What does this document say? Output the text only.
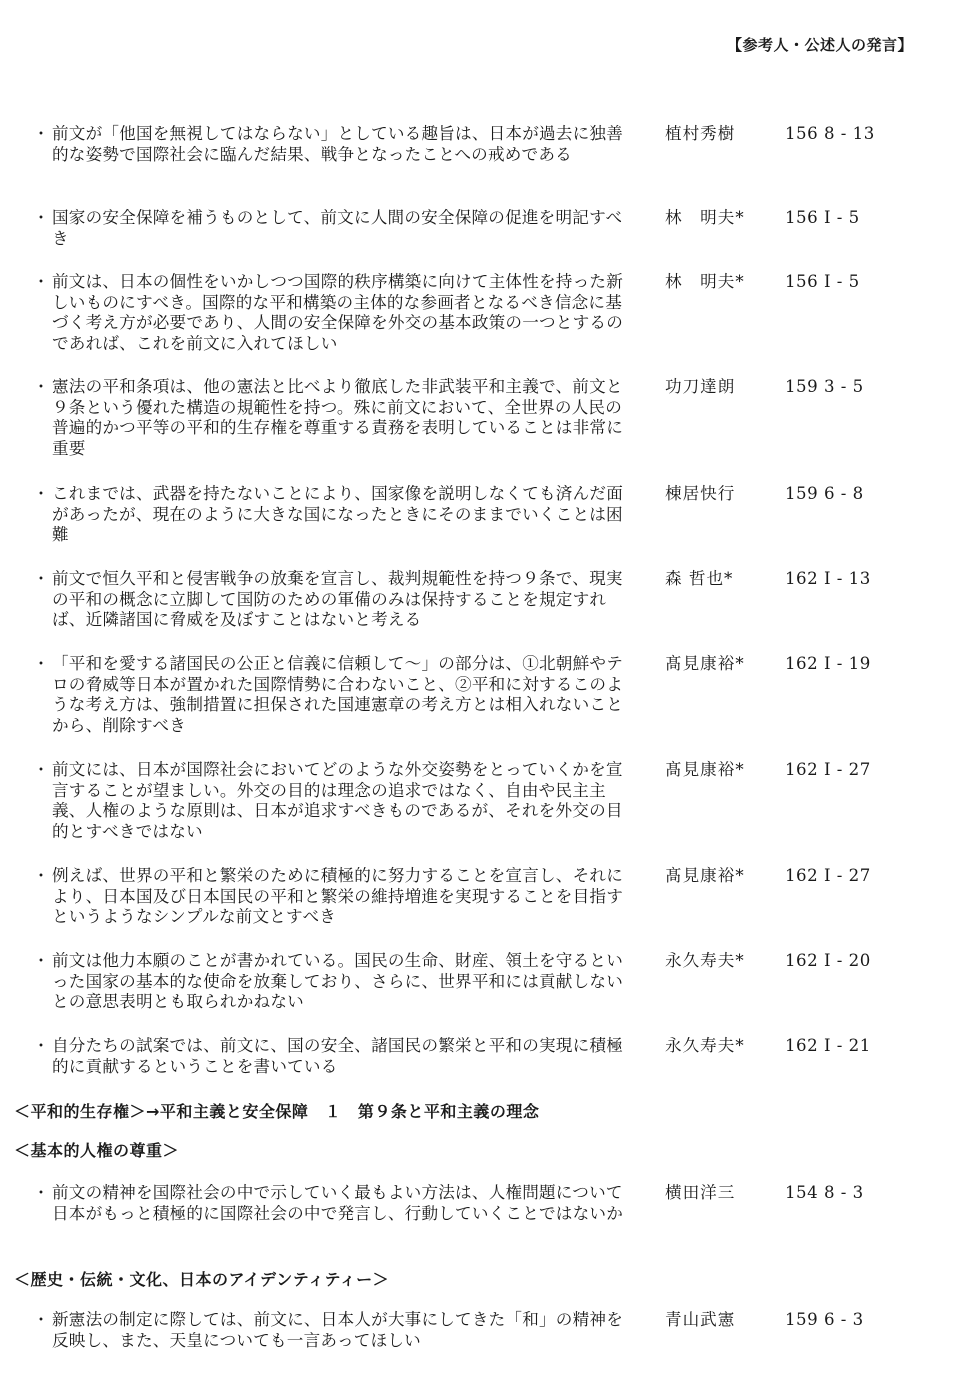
【参考人・公述人の発言】
・ 前文が「他国を無視してはならない」としている趣旨は、日本が過去に独善的な姿勢で国際社会に臨んだ結果、戦争となったことへの戒めである
植村秀樹	156 8 - 13
・ 国家の安全保障を補うものとして、前文に人間の安全保障の促進を明記すべき
林　明夫* 156 I - 5
・ 前文は、日本の個性をいかしつつ国際的秩序構築に向けて主体性を持った新しいものにすべき。国際的な平和構築の主体的な参画者となるべき信念に基づく考え方が必要であり、人間の安全保障を外交の基本政策の一つとするのであれば、これを前文に入れてほしい
林　明夫* 156 I - 5
・ 憲法の平和条項は、他の憲法と比べより徹底した非武装平和主義で、前文と９条という優れた構造の規範性を持つ。殊に前文において、全世界の人民の普遍的かつ平等の平和的生存権を尊重する責務を表明していることは非常に重要
功刀達朗	159 3 - 5
・ これまでは、武器を持たないことにより、国家像を説明しなくても済んだ面があったが、現在のように大きな国になったときにそのままでいくことは困難
棟居快行	159 6 - 8
・ 前文で恒久平和と侵害戦争の放棄を宣言し、裁判規範性を持つ９条で、現実の平和の概念に立脚して国防のための軍備のみは保持することを規定すれば、近隣諸国に脅威を及ぼすことはないと考える
森 哲也*	162 I - 13
・ 「平和を愛する諸国民の公正と信義に信頼して～」の部分は、①北朝鮮やテロの脅威等日本が置かれた国際情勢に合わないこと、②平和に対するこのような考え方は、強制措置に担保された国連憲章の考え方とは相入れないことから、削除すべき
髙見康裕* 162 I - 19
・ 前文には、日本が国際社会においてどのような外交姿勢をとっていくかを宣言することが望ましい。外交の目的は理念の追求ではなく、自由や民主主義、人権のような原則は、日本が追求すべきものであるが、それを外交の目的とすべきではない
髙見康裕* 162 I - 27
・ 例えば、世界の平和と繁栄のために積極的に努力することを宣言し、それにより、日本国及び日本国民の平和と繁栄の維持増進を実現することを目指すというようなシンプルな前文とすべき
髙見康裕* 162 I - 27
・ 前文は他力本願のことが書かれている。国民の生命、財産、領土を守るといった国家の基本的な使命を放棄しており、さらに、世界平和には貢献しないとの意思表明とも取られかねない
永久寿夫* 162 I - 20
・ 自分たちの試案では、前文に、国の安全、諸国民の繁栄と平和の実現に積極的に貢献するということを書いている
永久寿夫* 162 I - 21
＜平和的生存権＞→平和主義と安全保障　１　第９条と平和主義の理念
＜基本的人権の尊重＞
・ 前文の精神を国際社会の中で示していく最もよい方法は、人権問題について日本がもっと積極的に国際社会の中で発言し、行動していくことではないか
横田洋三	154 8 - 3
＜歴史・伝統・文化、日本のアイデンティティー＞
・ 新憲法の制定に際しては、前文に、日本人が大事にしてきた「和」の精神を反映し、また、天皇についても一言あってほしい
青山武憲	159 6 - 3
